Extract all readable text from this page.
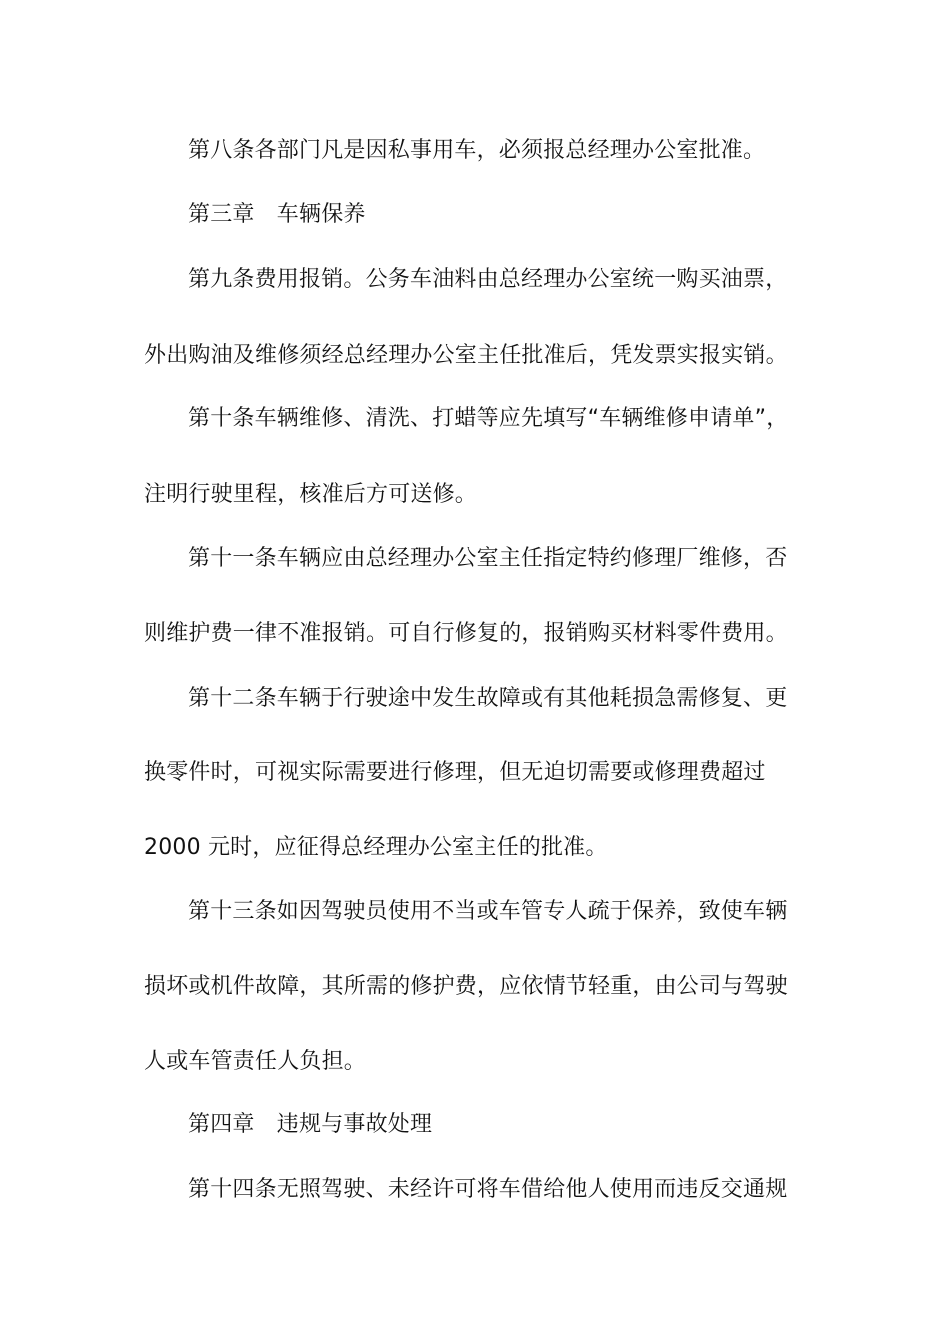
第八条各部门凡是因私事用车，必须报总经理办公室批准。
第三章　车辆保养
第九条费用报销。公务车油料由总经理办公室统一购买油票，
外出购油及维修须经总经理办公室主任批准后，凭发票实报实销。
第十条车辆维修、清洗、打蜡等应先填写“车辆维修申请单”，
注明行驶里程，核准后方可送修。
第十一条车辆应由总经理办公室主任指定特约修理厂维修，否
则维护费一律不准报销。可自行修复的，报销购买材料零件费用。
第十二条车辆于行驶途中发生故障或有其他耗损急需修复、更
换零件时，可视实际需要进行修理，但无迫切需要或修理费超过
2000 元时，应征得总经理办公室主任的批准。
第十三条如因驾驶员使用不当或车管专人疏于保养，致使车辆
损坏或机件故障，其所需的修护费，应依情节轻重，由公司与驾驶
人或车管责任人负担。
第四章　违规与事故处理
第十四条无照驾驶、未经许可将车借给他人使用而违反交通规
